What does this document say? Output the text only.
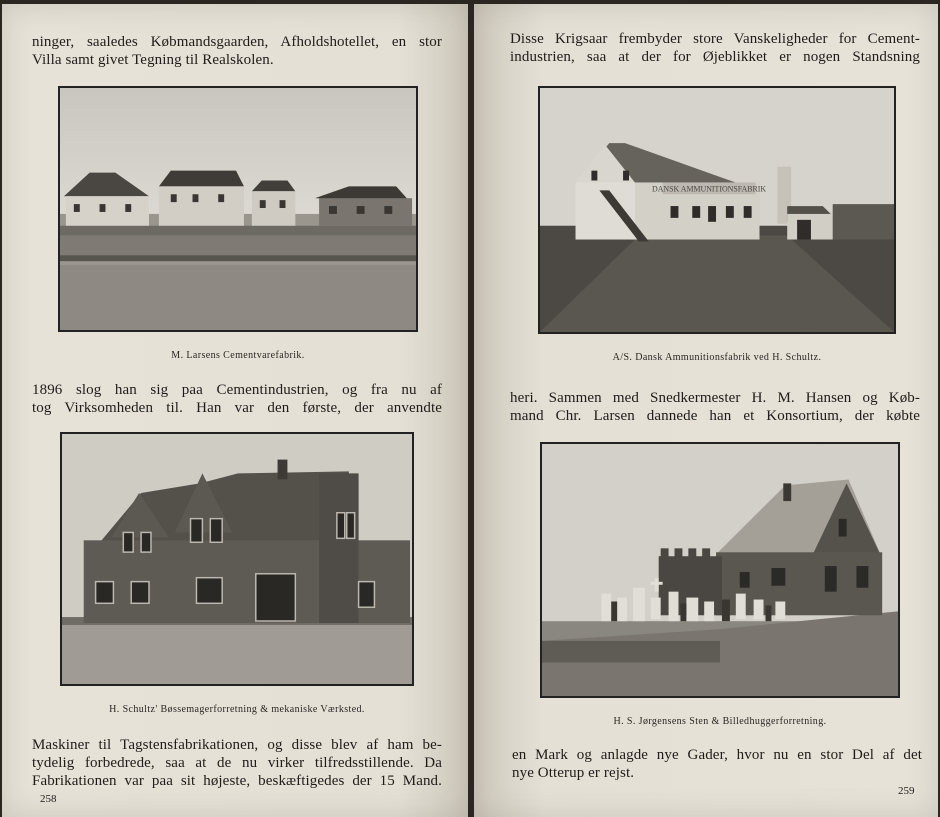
ninger, saaledes Købmandsgaarden, Afholdshotellet, en stor

Villa samt givet Tegning til Realskolen.

M. Larsens Cementvarefabrik.

1896 slog han sig paa Cementindustrien, og fra nu af

tog Virksomheden til. Han var den første, der anvendte

H. Schultz' Bøssemagerforretning & mekaniske Værksted.

Maskiner til Tagstensfabrikationen, og disse blev af ham be-

tydelig forbedrede, saa at de nu virker tilfredsstillende. Da

Fabrikationen var paa sit højeste, beskæftigedes der 15 Mand.

258

Disse Krigsaar frembyder store Vanskeligheder for Cement-

industrien, saa at der for Øjeblikket er nogen Standsning

DANSK AMMUNITIONSFABRIK

A/S. Dansk Ammunitionsfabrik ved H. Schultz.

heri. Sammen med Snedkermester H. M. Hansen og Køb-

mand Chr. Larsen dannede han et Konsortium, der købte

H. S. Jørgensens Sten & Billedhuggerforretning.

en Mark og anlagde nye Gader, hvor nu en stor Del af det

nye Otterup er rejst.

259
